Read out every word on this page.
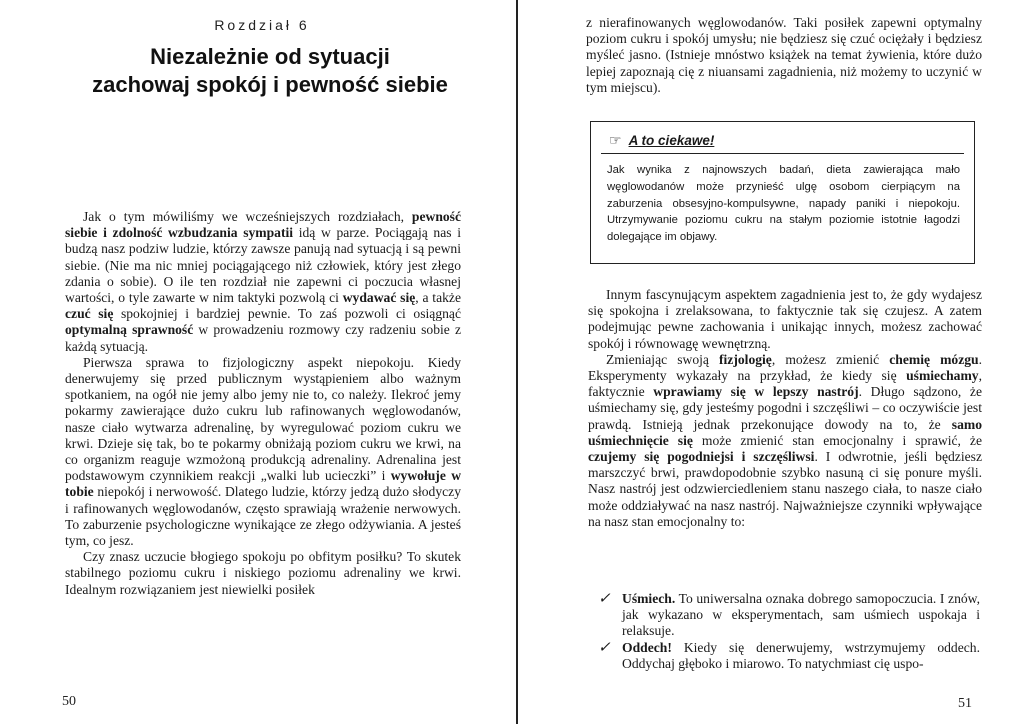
Rozdział 6
Niezależnie od sytuacji
zachowaj spokój i pewność siebie

Jak o tym mówiliśmy we wcześniejszych rozdziałach, pewność siebie i zdolność wzbudzania sympatii idą w parze. Pociągają nas i budzą nasz podziw ludzie, którzy zawsze panują nad sytuacją i są pewni siebie. (Nie ma nic mniej pociągającego niż człowiek, który jest złego zdania o sobie). O ile ten rozdział nie zapewni ci poczucia własnej wartości, o tyle zawarte w nim taktyki pozwolą ci wydawać się, a także czuć się spokojniej i bardziej pewnie. To zaś pozwoli ci osiągnąć optymalną sprawność w prowadzeniu rozmowy czy radzeniu sobie z każdą sytuacją.

Pierwsza sprawa to fizjologiczny aspekt niepokoju. Kiedy denerwujemy się przed publicznym wystąpieniem albo ważnym spotkaniem, na ogół nie jemy albo jemy nie to, co należy. Ilekroć jemy pokarmy zawierające dużo cukru lub rafinowanych węglowodanów, nasze ciało wytwarza adrenalinę, by wyregulować poziom cukru we krwi. Dzieje się tak, bo te pokarmy obniżają poziom cukru we krwi, na co organizm reaguje wzmożoną produkcją adrenaliny. Adrenalina jest podstawowym czynnikiem reakcji „walki lub ucieczki” i wywołuje w tobie niepokój i nerwowość. Dlatego ludzie, którzy jedzą dużo słodyczy i rafinowanych węglowodanów, często sprawiają wrażenie nerwowych. To zaburzenie psychologiczne wynikające ze złego odżywiania. A jesteś tym, co jesz.

Czy znasz uczucie błogiego spokoju po obfitym posiłku? To skutek stabilnego poziomu cukru i niskiego poziomu adrenaliny we krwi. Idealnym rozwiązaniem jest niewielki posiłek

50

z nierafinowanych węglowodanów. Taki posiłek zapewni optymalny poziom cukru i spokój umysłu; nie będziesz się czuć ociężały i będziesz myśleć jasno. (Istnieje mnóstwo książek na temat żywienia, które dużo lepiej zapoznają cię z niuansami zagadnienia, niż możemy to uczynić w tym miejscu).

☞ A to ciekawe!
Jak wynika z najnowszych badań, dieta zawierająca mało węglowodanów może przynieść ulgę osobom cierpiącym na zaburzenia obsesyjno-kompulsywne, napady paniki i niepokoju. Utrzymywanie poziomu cukru na stałym poziomie istotnie łagodzi dolegające im objawy.

Innym fascynującym aspektem zagadnienia jest to, że gdy wydajesz się spokojna i zrelaksowana, to faktycznie tak się czujesz. A zatem podejmując pewne zachowania i unikając innych, możesz zachować spokój i równowagę wewnętrzną.

Zmieniając swoją fizjologię, możesz zmienić chemię mózgu. Eksperymenty wykazały na przykład, że kiedy się uśmiechamy, faktycznie wprawiamy się w lepszy nastrój. Długo sądzono, że uśmiechamy się, gdy jesteśmy pogodni i szczęśliwi – co oczywiście jest prawdą. Istnieją jednak przekonujące dowody na to, że samo uśmiechnięcie się może zmienić stan emocjonalny i sprawić, że czujemy się pogodniejsi i szczęśliwsi. I odwrotnie, jeśli będziesz marszczyć brwi, prawdopodobnie szybko nasuną ci się ponure myśli. Nasz nastrój jest odzwierciedleniem stanu naszego ciała, to nasze ciało może oddziaływać na nasz nastrój. Najważniejsze czynniki wpływające na nasz stan emocjonalny to:

✓ Uśmiech. To uniwersalna oznaka dobrego samopoczucia. I znów, jak wykazano w eksperymentach, sam uśmiech uspokaja i relaksuje.
✓ Oddech! Kiedy się denerwujemy, wstrzymujemy oddech. Oddychaj głęboko i miarowo. To natychmiast cię uspo-
51
